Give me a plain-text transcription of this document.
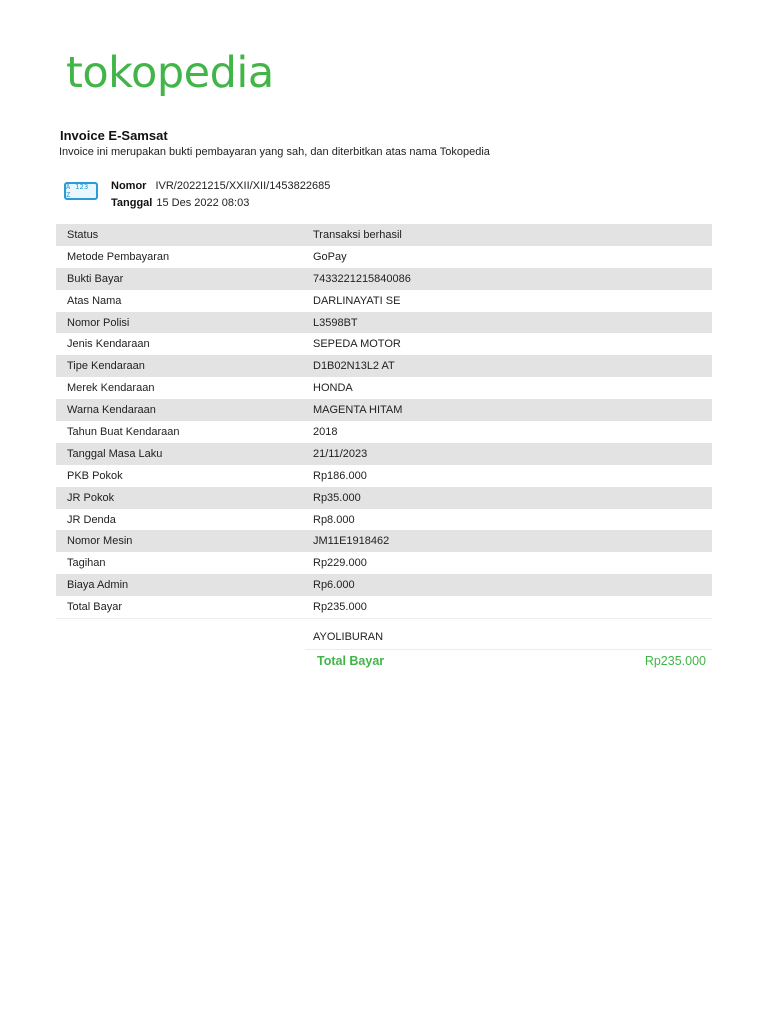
tokopedia
Invoice E-Samsat
Invoice ini merupakan bukti pembayaran yang sah, dan diterbitkan atas nama Tokopedia
A 123 Z
Nomor IVR/20221215/XXII/XII/1453822685
Tanggal 15 Des 2022 08:03
Status	Transaksi berhasil
Metode Pembayaran	GoPay
Bukti Bayar	7433221215840086
Atas Nama	DARLINAYATI SE
Nomor Polisi	L3598BT
Jenis Kendaraan	SEPEDA MOTOR
Tipe Kendaraan	D1B02N13L2 AT
Merek Kendaraan	HONDA
Warna Kendaraan	MAGENTA HITAM
Tahun Buat Kendaraan	2018
Tanggal Masa Laku	21/11/2023
PKB Pokok	Rp186.000
JR Pokok	Rp35.000
JR Denda	Rp8.000
Nomor Mesin	JM11E1918462
Tagihan	Rp229.000
Biaya Admin	Rp6.000
Total Bayar	Rp235.000
AYOLIBURAN
Total Bayar	Rp235.000
